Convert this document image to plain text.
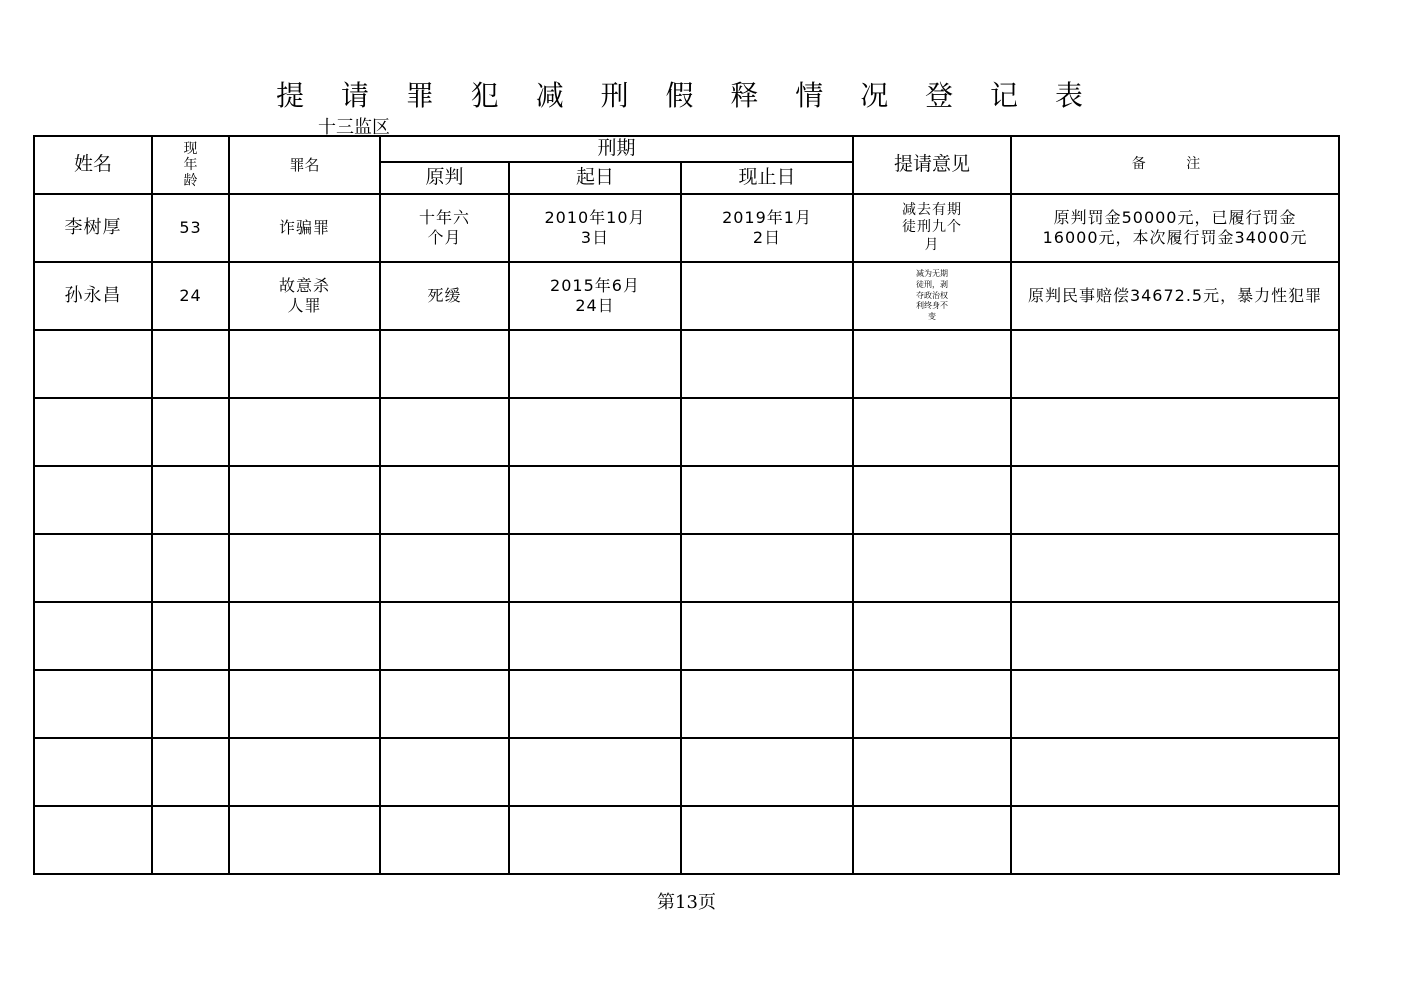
提 请 罪 犯 减 刑 假 释 情 况 登 记 表
十三监区
姓名	现
年
龄	罪名	刑期			提请意见	备 注
			原判	起日	现止日		
李树厚	53	诈骗罪	十年六
个月	2010年10月
3日	2019年1月
2日	减去有期
徒刑九个
月	原判罚金50000元，已履行罚金
16000元，本次履行罚金34000元
孙永昌	24	故意杀
人罪	死缓	2015年6月
24日		减为无期
徒刑，剥
夺政治权
利终身不
变	原判民事赔偿34672.5元，暴力性犯罪

第13页
